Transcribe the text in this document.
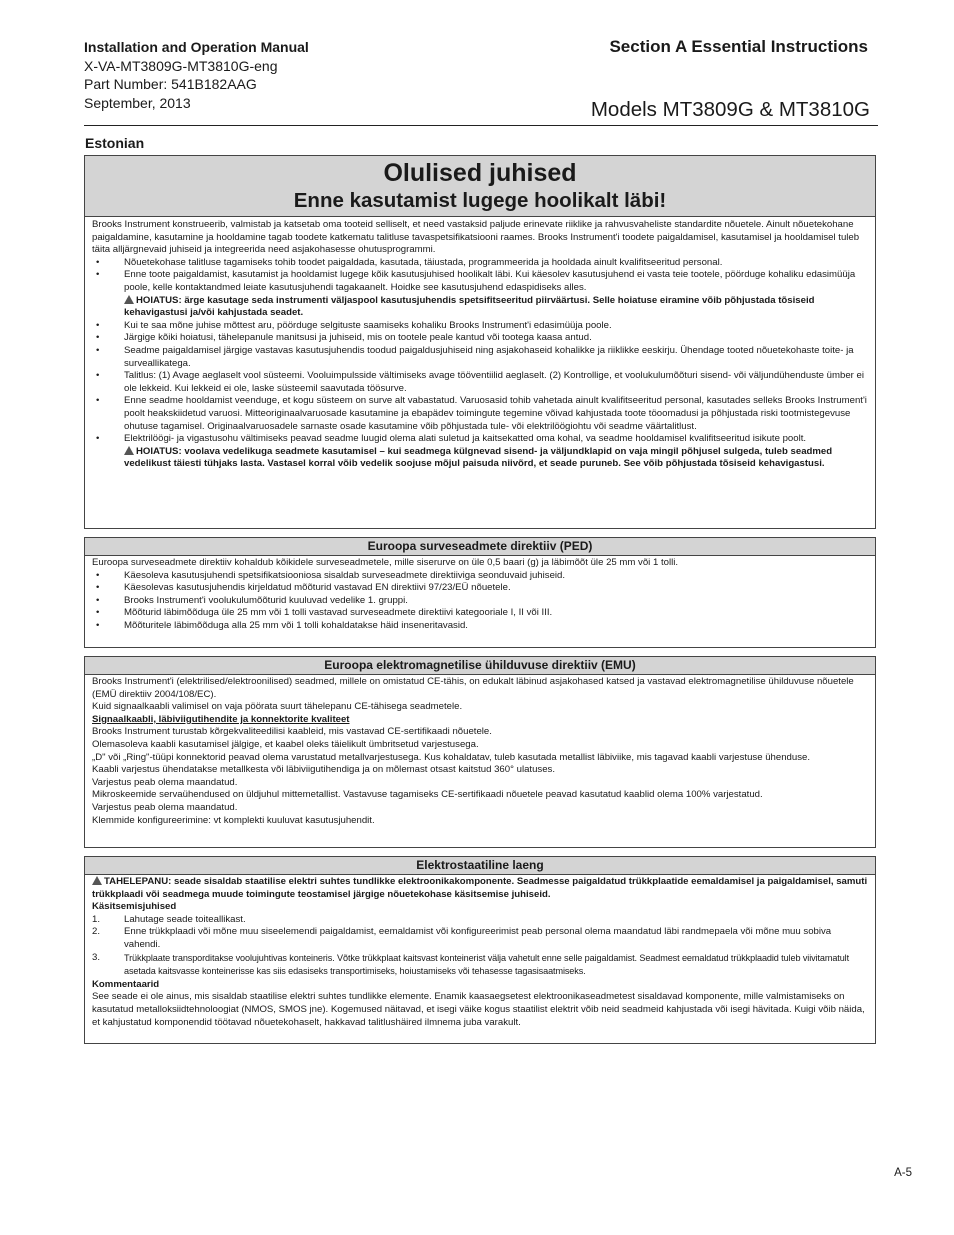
Installation and Operation Manual
X-VA-MT3809G-MT3810G-eng
Part Number: 541B182AAG
September, 2013
Section A Essential Instructions
Models MT3809G & MT3810G
Estonian
Olulised juhised
Enne kasutamist lugege hoolikalt läbi!
Brooks Instrument konstrueerib, valmistab ja katsetab oma tooteid selliselt, et need vastaksid paljude erinevate riiklike ja rahvusvaheliste standardite nõuetele. Ainult nõuetekohane paigaldamine, kasutamine ja hooldamine tagab toodete katkematu talitluse tavaspetsifikatsiooni raames. Brooks Instrument'i toodete paigaldamisel, kasutamisel ja hooldamisel tuleb täita alljärgnevaid juhiseid ja integreerida need asjakohasesse ohutusprogrammi.
• Nõuetekohase talitluse tagamiseks tohib toodet paigaldada, kasutada, täiustada, programmeerida ja hooldada ainult kvalifitseeritud personal.
• Enne toote paigaldamist, kasutamist ja hooldamist lugege kõik kasutusjuhised hoolikalt läbi. Kui käesolev kasutusjuhend ei vasta teie tootele, pöörduge kohaliku edasimüüja poole, kelle kontaktandmed leiate kasutusjuhendi tagakaanelt. Hoidke see kasutusjuhend edaspidiseks alles.
HOIATUS: ärge kasutage seda instrumenti väljaspool kasutusjuhendis spetsifitseeritud piirväärtusi. Selle hoiatuse eiramine võib põhjustada tõsiseid kehavigastusi ja/või kahjustada seadet.
• Kui te saa mõne juhise mõttest aru, pöörduge selgituste saamiseks kohaliku Brooks Instrument'i edasimüüja poole.
• Järgige kõiki hoiatusi, tähelepanule manitsusi ja juhiseid, mis on tootele peale kantud või tootega kaasa antud.
• Seadme paigaldamisel järgige vastavas kasutusjuhendis toodud paigaldusjuhiseid ning asjakohaseid kohalikke ja riiklikke eeskirju. Ühendage tooted nõuetekohaste toite- ja surveallikatega.
• Talitlus: (1) Avage aeglaselt vool süsteemi. Vooluimpulsside vältimiseks avage tööventiilid aeglaselt. (2) Kontrollige, et voolukulumõõturi sisend- või väljundühenduste ümber ei ole lekkeid. Kui lekkeid ei ole, laske süsteemil saavutada töösurve.
• Enne seadme hooldamist veenduge, et kogu süsteem on surve alt vabastatud. Varuosasid tohib vahetada ainult kvalifitseeritud personal, kasutades selleks Brooks Instrument'i poolt heakskiidetud varuosi. Mitteoriginaalvaruosade kasutamine ja ebapädev toimingute tegemine võivad kahjustada toote töoomadusi ja põhjustada riski tootmistegevuse ohutuse tagamisel. Originaalvaruosadele sarnaste osade kasutamine võib põhjustada tule- või elektrilöögiohtu või seadme väärtalitlust.
• Elektrilöögi- ja vigastusohu vältimiseks peavad seadme luugid olema alati suletud ja kaitsekatted oma kohal, va seadme hooldamisel kvalifitseeritud isikute poolt.
HOIATUS: voolava vedelikuga seadmete kasutamisel – kui seadmega külgnevad sisend- ja väljundklapid on vaja mingil põhjusel sulgeda, tuleb seadmed vedelikust täiesti tühjaks lasta. Vastasel korral võib vedelik soojuse mõjul paisuda niivõrd, et seade puruneb. See võib põhjustada tõsiseid kehavigastusi.
Euroopa surveseadmete direktiiv (PED)
Euroopa surveseadmete direktiiv kohaldub kõikidele surveseadmetele, mille siserurve on üle 0,5 baari (g) ja läbimõõt üle 25 mm või 1 tolli.
• Käesoleva kasutusjuhendi spetsifikatsiooniosa sisaldab surveseadmete direktiiviga seonduvaid juhiseid.
• Käesolevas kasutusjuhendis kirjeldatud mõõturid vastavad EN direktiivi 97/23/EÜ nõuetele.
• Brooks Instrument'i voolukulumõõturid kuuluvad vedelike 1. gruppi.
• Mõõturid läbimõõduga üle 25 mm või 1 tolli vastavad surveseadmete direktiivi kategooriale I, II või III.
• Mõõturitele läbimõõduga alla 25 mm või 1 tolli kohaldatakse häid inseneritavasid.
Euroopa elektromagnetilise ühilduvuse direktiiv (EMU)
Brooks Instrument'i (elektrilised/elektroonilised) seadmed, millele on omistatud CE-tähis, on edukalt läbinud asjakohased katsed ja vastavad elektromagnetilise ühilduvuse nõuetele (EMÜ direktiiv 2004/108/EC).
Kuid signaalkaabli valimisel on vaja pöörata suurt tähelepanu CE-tähisega seadmetele.
Signaalkaabli, läbiviigutihendite ja konnektorite kvaliteet
Brooks Instrument turustab kõrgekvaliteedilisi kaableid, mis vastavad CE-sertifikaadi nõuetele.
Olemasoleva kaabli kasutamisel jälgige, et kaabel oleks täielikult ümbritsetud varjestusega.
„D" või „Ring"-tüüpi konnektorid peavad olema varustatud metallvarjestusega. Kus kohaldatav, tuleb kasutada metallist läbiviike, mis tagavad kaabli varjestuse ühenduse.
Kaabli varjestus ühendatakse metallkesta või läbiviigutihendiga ja on mõlemast otsast kaitstud 360° ulatuses.
Varjestus peab olema maandatud.
Mikroskeemide servaühendused on üldjuhul mittemetallist. Vastavuse tagamiseks CE-sertifikaadi nõuetele peavad kasutatud kaablid olema 100% varjestatud.
Varjestus peab olema maandatud.
Klemmide konfigureerimine: vt komplekti kuuluvat kasutusjuhendit.
Elektrostaatiline laeng
TAHELEPANU: seade sisaldab staatilise elektri suhtes tundlikke elektroonikakomponente. Seadmesse paigaldatud trükkplaatide eemaldamisel ja paigaldamisel, samuti trükkplaadi või seadmega muude toimingute teostamisel järgige nõuetekohase käsitsemise juhiseid.
Käsitsemisjuhised
1. Lahutage seade toiteallikast.
2. Enne trükkplaadi või mõne muu siseelemendi paigaldamist, eemaldamist või konfigureerimist peab personal olema maandatud läbi randmepaela või mõne muu sobiva vahendi.
3.	Trükkplaate transporditakse voolujuhtivas konteineris. Võtke trükkplaat kaitsvast konteinerist välja vahetult enne selle paigaldamist. Seadmest eemaldatud trükkplaadid tuleb viivitamatult asetada kaitsvasse konteinerisse kas siis edasiseks transportimiseks, hoiustamiseks või tehasesse tagasisaatmiseks.
Kommentaarid
See seade ei ole ainus, mis sisaldab staatilise elektri suhtes tundlikke elemente. Enamik kaasaegsetest elektroonikaseadmetest sisaldavad komponente, mille valmistamiseks on kasutatud metalloksiidtehnoloogiat (NMOS, SMOS jne). Kogemused näitavad, et isegi väike kogus staatilist elektrit võib neid seadmeid kahjustada või isegi hävitada. Kuigi võib näida, et kahjustatud komponendid töötavad nõuetekohaselt, hakkavad talitlushäired ilmnema juba varakult.
A-5
